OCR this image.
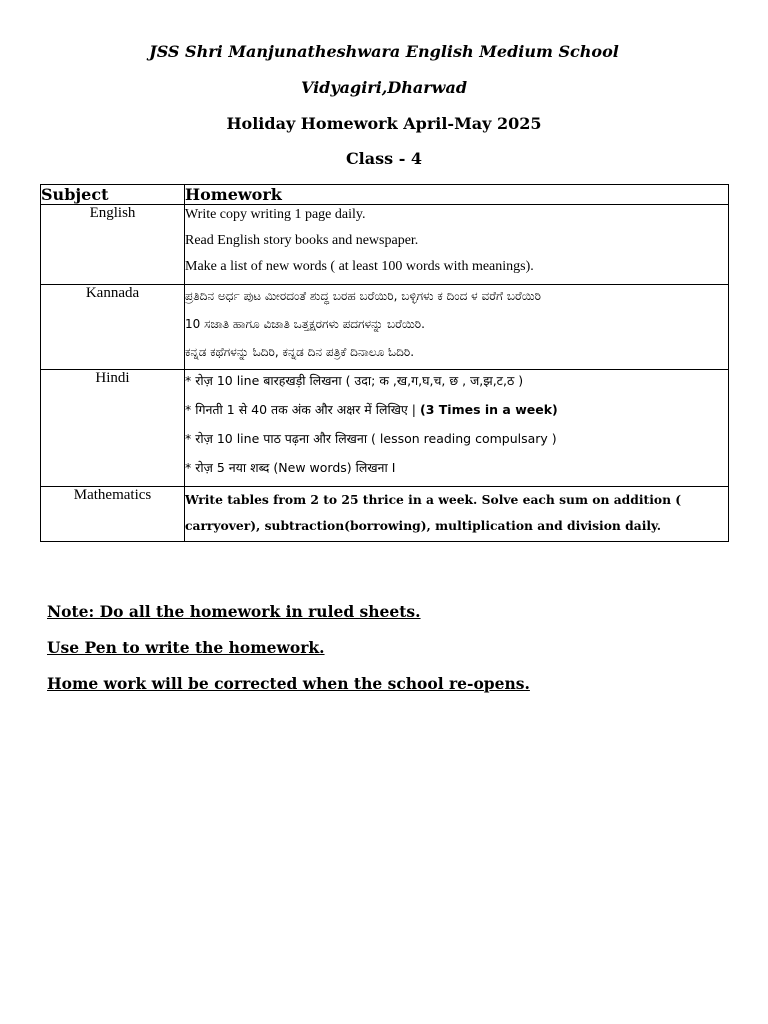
JSS Shri Manjunatheshwara English Medium School
Vidyagiri,Dharwad
Holiday Homework April-May 2025
Class - 4
Subject	Homework
English	Write copy writing 1 page daily.
Read English story books and newspaper.
Make a list of new words ( at least 100 words with meanings).

Kannada	ಪ್ರತಿದಿನ ಅರ್ಧ ಪುಟ ಮೀರದಂತೆ ಶುದ್ಧ ಬರಹ ಬರೆಯಿರಿ, ಬಳ್ಳಿಗಳು ಕ ದಿಂದ ಳ ವರೆಗೆ ಬರೆಯಿರಿ
10 ಸಜಾತಿ ಹಾಗೂ ವಿಜಾತಿ ಒತ್ತಕ್ಷರಗಳು ಪದಗಳನ್ನು ಬರೆಯಿರಿ.
ಕನ್ನಡ ಕಥೆಗಳನ್ನು ಓದಿರಿ, ಕನ್ನಡ ದಿನ ಪತ್ರಿಕೆ ದಿನಾಲೂ ಓದಿರಿ.

Hindi	* रोज़ 10 line बारहखड़ी लिखना ( उदा; क ,ख,ग,घ,च, छ , ज,झ,ट,ठ )
* गिनती 1 से 40 तक अंक और अक्षर में लिखिए | (3 Times in a week)
* रोज़ 10 line पाठ पढ़ना और लिखना ( lesson reading compulsary )
* रोज़ 5 नया शब्द (New words) लिखना I

Mathematics	Write tables from 2 to 25 thrice in a week. Solve each sum on addition ( carryover), subtraction(borrowing), multiplication and division daily.
Note: Do all the homework in ruled sheets.
Use Pen to write the homework.
Home work will be corrected when the school re-opens.
